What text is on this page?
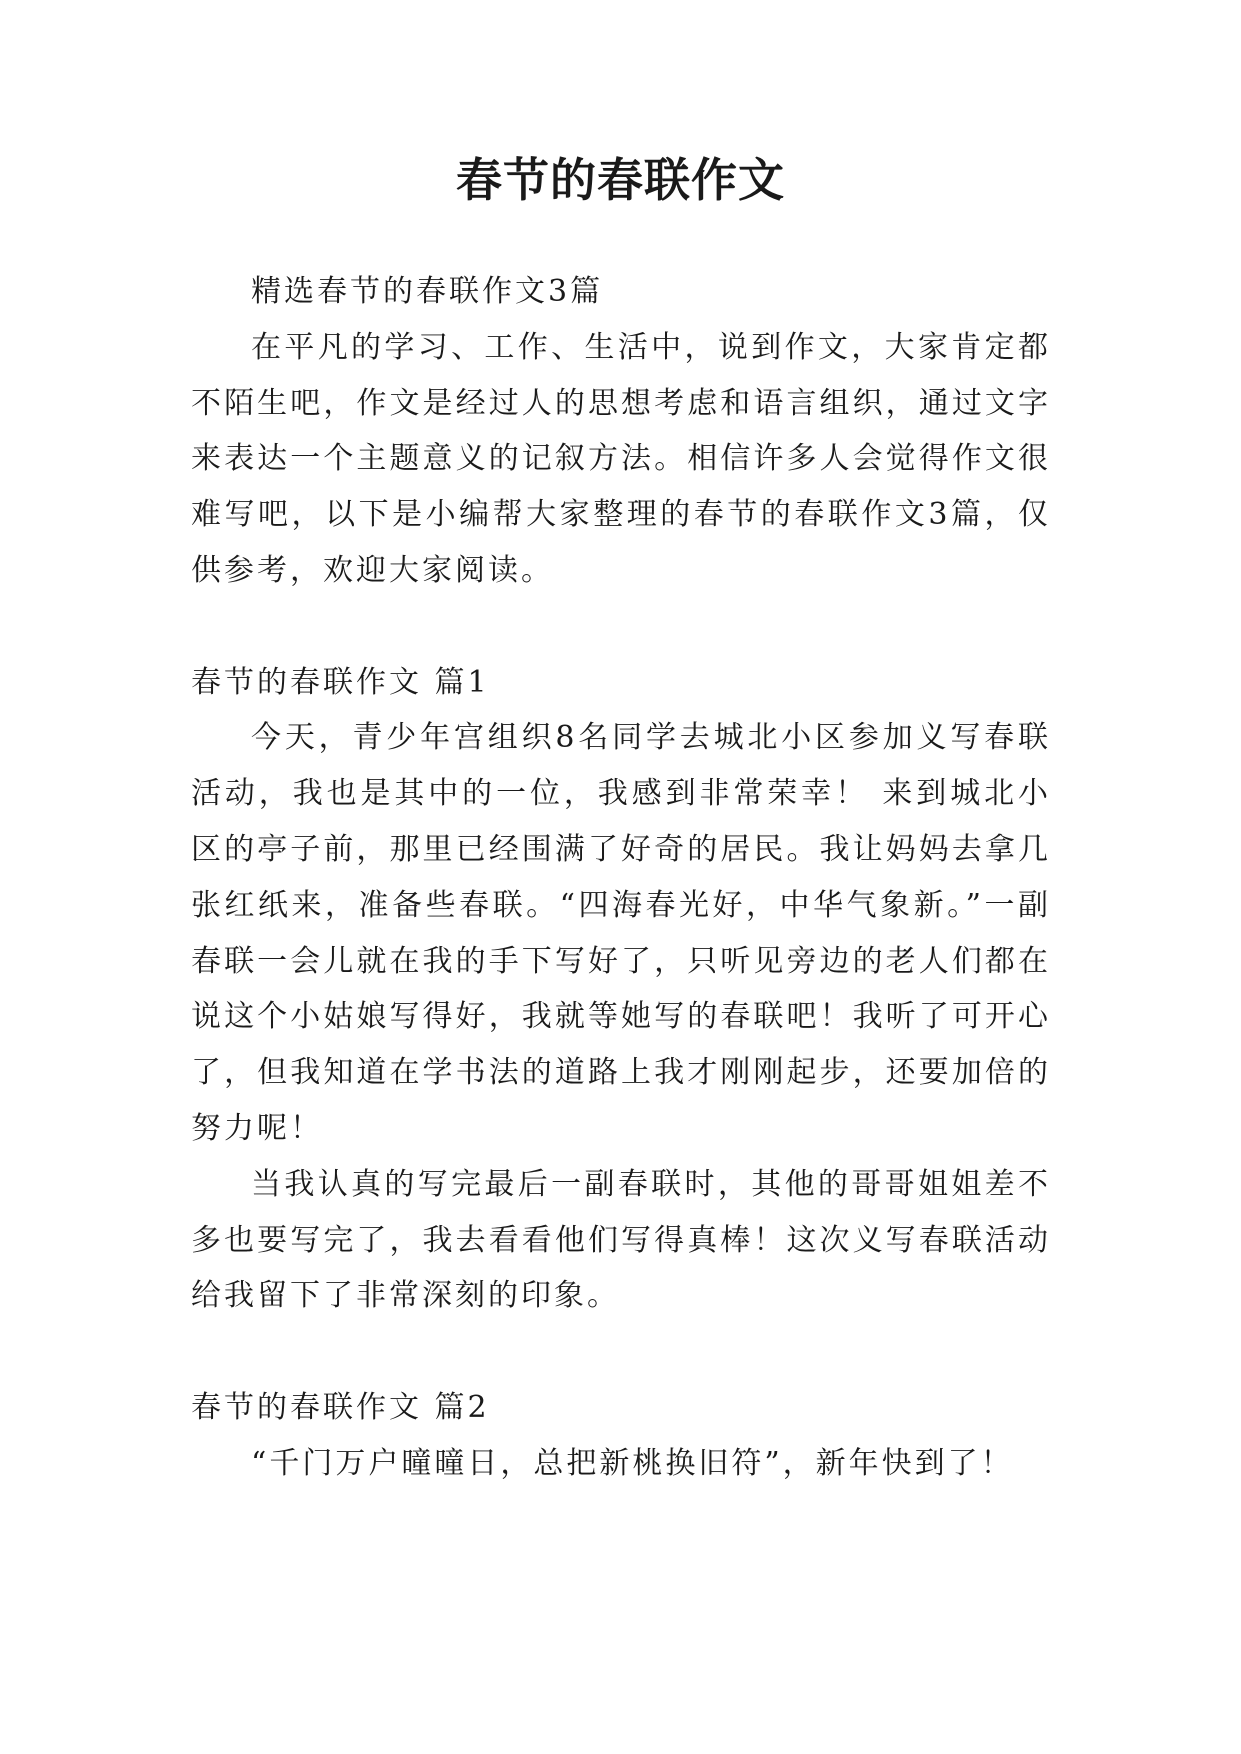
春节的春联作文

精选春节的春联作文3篇

在平凡的学习、工作、生活中，说到作文，大家肯定都不陌生吧，作文是经过人的思想考虑和语言组织，通过文字来表达一个主题意义的记叙方法。相信许多人会觉得作文很难写吧，以下是小编帮大家整理的春节的春联作文3篇，仅供参考，欢迎大家阅读。

春节的春联作文 篇1

今天，青少年宫组织8名同学去城北小区参加义写春联活动，我也是其中的一位，我感到非常荣幸！ 来到城北小区的亭子前，那里已经围满了好奇的居民。我让妈妈去拿几张红纸来，准备些春联。“四海春光好，中华气象新。”一副春联一会儿就在我的手下写好了，只听见旁边的老人们都在说这个小姑娘写得好，我就等她写的春联吧！我听了可开心了，但我知道在学书法的道路上我才刚刚起步，还要加倍的努力呢！

当我认真的写完最后一副春联时，其他的哥哥姐姐差不多也要写完了，我去看看他们写得真棒！这次义写春联活动给我留下了非常深刻的印象。

春节的春联作文 篇2

“千门万户曈曈日，总把新桃换旧符”，新年快到了！
